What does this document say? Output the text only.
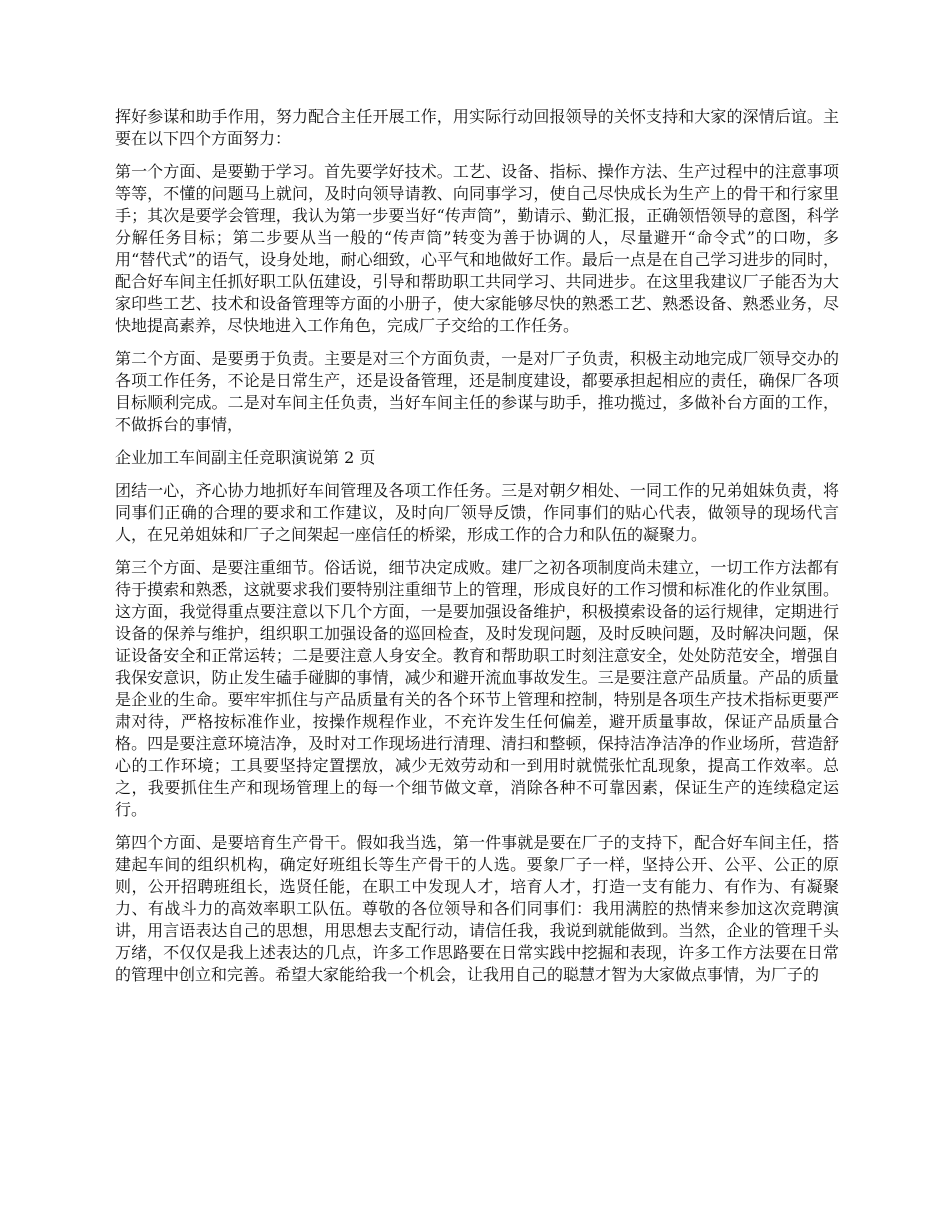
挥好参谋和助手作用，努力配合主任开展工作，用实际行动回报领导的关怀支持和大家的深情后谊。主要在以下四个方面努力：

第一个方面、是要勤于学习。首先要学好技术。工艺、设备、指标、操作方法、生产过程中的注意事项等等，不懂的问题马上就问，及时向领导请教、向同事学习，使自己尽快成长为生产上的骨干和行家里手；其次是要学会管理，我认为第一步要当好“传声筒”，勤请示、勤汇报，正确领悟领导的意图，科学分解任务目标；第二步要从当一般的“传声筒”转变为善于协调的人，尽量避开“命令式”的口吻，多用“替代式”的语气，设身处地，耐心细致，心平气和地做好工作。最后一点是在自己学习进步的同时，配合好车间主任抓好职工队伍建设，引导和帮助职工共同学习、共同进步。在这里我建议厂子能否为大家印些工艺、技术和设备管理等方面的小册子，使大家能够尽快的熟悉工艺、熟悉设备、熟悉业务，尽快地提高素养，尽快地进入工作角色，完成厂子交给的工作任务。

第二个方面、是要勇于负责。主要是对三个方面负责，一是对厂子负责，积极主动地完成厂领导交办的各项工作任务，不论是日常生产，还是设备管理，还是制度建设，都要承担起相应的责任，确保厂各项目标顺利完成。二是对车间主任负责，当好车间主任的参谋与助手，推功揽过，多做补台方面的工作，不做拆台的事情，

企业加工车间副主任竞职演说第 2 页

团结一心，齐心协力地抓好车间管理及各项工作任务。三是对朝夕相处、一同工作的兄弟姐妹负责，将同事们正确的合理的要求和工作建议，及时向厂领导反馈，作同事们的贴心代表，做领导的现场代言人，在兄弟姐妹和厂子之间架起一座信任的桥梁，形成工作的合力和队伍的凝聚力。

第三个方面、是要注重细节。俗话说，细节决定成败。建厂之初各项制度尚未建立，一切工作方法都有待于摸索和熟悉，这就要求我们要特别注重细节上的管理，形成良好的工作习惯和标准化的作业氛围。这方面，我觉得重点要注意以下几个方面，一是要加强设备维护，积极摸索设备的运行规律，定期进行设备的保养与维护，组织职工加强设备的巡回检查，及时发现问题，及时反映问题，及时解决问题，保证设备安全和正常运转；二是要注意人身安全。教育和帮助职工时刻注意安全，处处防范安全，增强自我保安意识，防止发生磕手碰脚的事情，减少和避开流血事故发生。三是要注意产品质量。产品的质量是企业的生命。要牢牢抓住与产品质量有关的各个环节上管理和控制，特别是各项生产技术指标更要严肃对待，严格按标准作业，按操作规程作业，不充许发生任何偏差，避开质量事故，保证产品质量合格。四是要注意环境洁净，及时对工作现场进行清理、清扫和整顿，保持洁净洁净的作业场所，营造舒心的工作环境；工具要坚持定置摆放，减少无效劳动和一到用时就慌张忙乱现象，提高工作效率。总之，我要抓住生产和现场管理上的每一个细节做文章，消除各种不可靠因素，保证生产的连续稳定运行。

第四个方面、是要培育生产骨干。假如我当选，第一件事就是要在厂子的支持下，配合好车间主任，搭建起车间的组织机构，确定好班组长等生产骨干的人选。要象厂子一样，坚持公开、公平、公正的原则，公开招聘班组长，选贤任能，在职工中发现人才，培育人才，打造一支有能力、有作为、有凝聚力、有战斗力的高效率职工队伍。尊敬的各位领导和各们同事们：我用满腔的热情来参加这次竞聘演讲，用言语表达自己的思想，用思想去支配行动，请信任我，我说到就能做到。当然，企业的管理千头万绪，不仅仅是我上述表达的几点，许多工作思路要在日常实践中挖掘和表现，许多工作方法要在日常的管理中创立和完善。希望大家能给我一个机会，让我用自己的聪慧才智为大家做点事情，为厂子的
